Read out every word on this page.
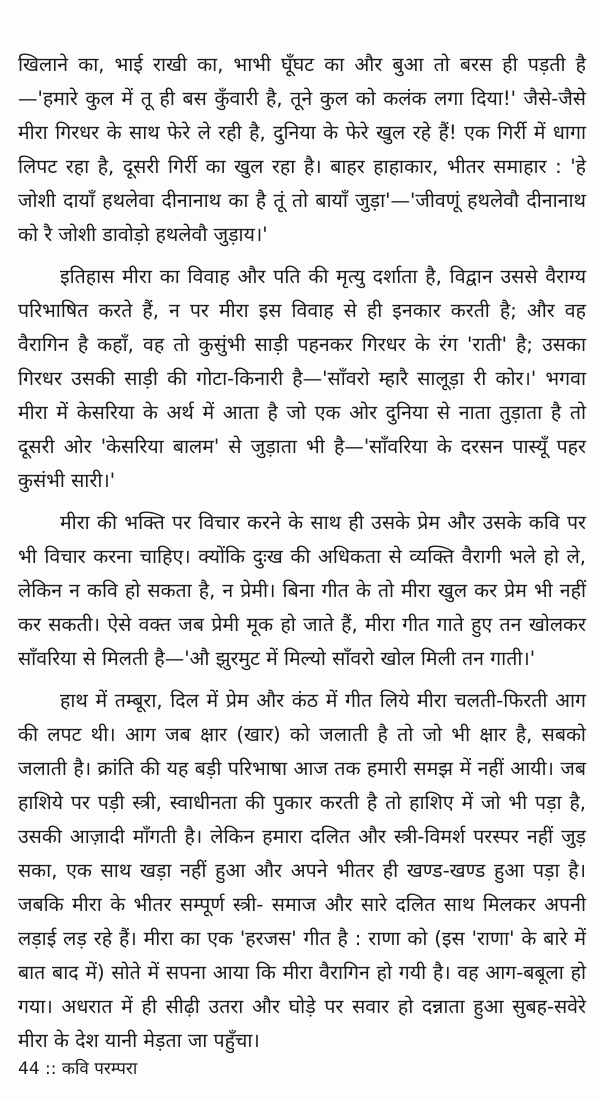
खिलाने का, भाई राखी का, भाभी घूँघट का और बुआ तो बरस ही पड़ती है—'हमारे कुल में तू ही बस कुँवारी है, तूने कुल को कलंक लगा दिया!' जैसे-जैसे मीरा गिरधर के साथ फेरे ले रही है, दुनिया के फेरे खुल रहे हैं! एक गिर्री में धागा लिपट रहा है, दूसरी गिर्री का खुल रहा है। बाहर हाहाकार, भीतर समाहार : 'हे जोशी दायाँ हथलेवा दीनानाथ का है तूं तो बायाँ जुड़ा'—'जीवणूं हथलेवौ दीनानाथ को रै जोशी डावोड़ो हथलेवौ जुड़ाय।'

इतिहास मीरा का विवाह और पति की मृत्यु दर्शाता है, विद्वान उससे वैराग्य परिभाषित करते हैं, न पर मीरा इस विवाह से ही इनकार करती है; और वह वैरागिन है कहाँ, वह तो कुसुंभी साड़ी पहनकर गिरधर के रंग 'राती' है; उसका गिरधर उसकी साड़ी की गोटा-किनारी है—'साँवरो म्हारै सालूड़ा री कोर।' भगवा मीरा में केसरिया के अर्थ में आता है जो एक ओर दुनिया से नाता तुड़ाता है तो दूसरी ओर 'केसरिया बालम' से जुड़ाता भी है—'साँवरिया के दरसन पास्यूँ पहर कुसंभी सारी।'

मीरा की भक्ति पर विचार करने के साथ ही उसके प्रेम और उसके कवि पर भी विचार करना चाहिए। क्योंकि दुःख की अधिकता से व्यक्ति वैरागी भले हो ले, लेकिन न कवि हो सकता है, न प्रेमी। बिना गीत के तो मीरा खुल कर प्रेम भी नहीं कर सकती। ऐसे वक्त जब प्रेमी मूक हो जाते हैं, मीरा गीत गाते हुए तन खोलकर साँवरिया से मिलती है—'औ झुरमुट में मिल्यो साँवरो खोल मिली तन गाती।'

हाथ में तम्बूरा, दिल में प्रेम और कंठ में गीत लिये मीरा चलती-फिरती आग की लपट थी। आग जब क्षार (खार) को जलाती है तो जो भी क्षार है, सबको जलाती है। क्रांति की यह बड़ी परिभाषा आज तक हमारी समझ में नहीं आयी। जब हाशिये पर पड़ी स्त्री, स्वाधीनता की पुकार करती है तो हाशिए में जो भी पड़ा है, उसकी आज़ादी माँगती है। लेकिन हमारा दलित और स्त्री-विमर्श परस्पर नहीं जुड़ सका, एक साथ खड़ा नहीं हुआ और अपने भीतर ही खण्ड-खण्ड हुआ पड़ा है। जबकि मीरा के भीतर सम्पूर्ण स्त्री- समाज और सारे दलित साथ मिलकर अपनी लड़ाई लड़ रहे हैं। मीरा का एक 'हरजस' गीत है : राणा को (इस 'राणा' के बारे में बात बाद में) सोते में सपना आया कि मीरा वैरागिन हो गयी है। वह आग-बबूला हो गया। अधरात में ही सीढ़ी उतरा और घोड़े पर सवार हो दन्नाता हुआ सुबह-सवेरे मीरा के देश यानी मेड़ता जा पहुँचा।

44 :: कवि परम्परा
